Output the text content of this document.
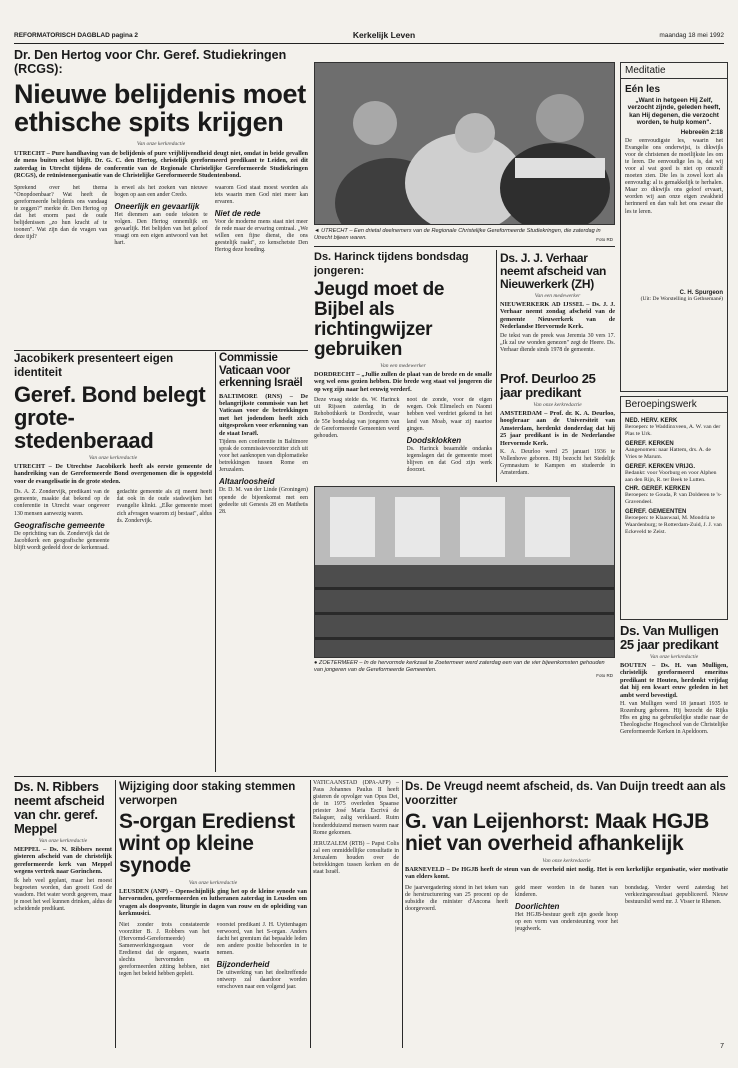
REFORMATORISCH DAGBLAD pagina 2	Kerkelijk Leven	maandag 18 mei 1992
Dr. Den Hertog voor Chr. Geref. Studiekringen (RCGS):
Nieuwe belijdenis moet ethische spits krijgen
Van onze kerkredactie
UTRECHT – Pure handhaving van de belijdenis of pure vrijblijvendheid deugt niet, omdat in beide gevallen de mens buiten schot blijft. Dr. G. C. den Hertog, christelijk gereformeerd predikant te Leiden, zei dit zaterdag in Utrecht tijdens de conferentie van de Regionale Christelijke Gereformeerde Studiekringen (RCGS), de reünistenorganisatie van de Christelijke Gereformeerde Studentenbond.
Sprekend over het thema "Onopdoenbaar? Wat heeft de gereformeerde belijdenis ons vandaag te zeggen?" merkte dr. Den Hertog op dat het enorm past de oude belijdenissen „zo hun kracht af te toonen". Wat zijn dan de vragen van deze tijd?
is erwel als het zoeken van nieuwe bogen op aan een ander Credo.
Oneerlijk en gevaarlijk
Het dienmen aan oude teksten te volgen. Den Hertog onnemlijk en gevaarlijk. Het belijden van het geloof vraagt om een eigen antwoord van het hart.
waarom God staat moest worden als iets waarin men God niet meer kan ervaren.
Niet de rede
Voor de moderne mens staat niet meer de rede maar de ervaring centraal. „We willen een fijne dienst, die ons geestelijk raakt", zo kenschetste Den Hertog deze houding.
◄ UTRECHT – Een drietal deelnemers van de Regionale Christelijke Gereformeerde Studiekringen, die zaterdag in Utrecht bijeen waren.	Foto RD
Ds. Harinck tijdens bondsdag jongeren:
Jeugd moet de Bijbel als richtingwijzer gebruiken
Van een medewerker
DORDRECHT – „Jullie zullen de plaat van de brede en de smalle weg wel eens gezien hebben. Die brede weg staat vol jongeren die op weg zijn naar het eeuwig verderf.
Deze vraag stelde ds. W. Harinck uit Rijssen zaterdag in de Rehobothkerk te Dordrecht, waar de 55e bondsdag van jongeren van de Gereformeerde Gemeenten werd gehouden.
noot de zonde, voor de eigen wegen. Ook Elimelech en Naomi hebben veel verdriet gekend in het land van Moab, waar zij naartoe gingen.
Doodsklokken
Ds. Harinck beaamdde ondanks tegenslagen dat de gemeente moet blijven en dat God zijn werk doorzet.
Ds. J. J. Verhaar neemt afscheid van Nieuwerkerk (ZH)
Van een medewerker
NIEUWERKERK AD IJSSEL – Ds. J. J. Verhaar neemt zondag afscheid van de gemeente Nieuwerkerk van de Nederlandse Hervormde Kerk.
De tekst van de preek was Jeremia 30 vers 17. „Ik zal uw wonden genezen" zegt de Heere. Ds. Verhaar diende sinds 1978 de gemeente.
Prof. Deurloo 25 jaar predikant
Van onze kerkredactie
AMSTERDAM – Prof. dr. K. A. Deurloo, hoogleraar aan de Universiteit van Amsterdam, herdenkt donderdag dat hij 25 jaar predikant is in de Nederlandse Hervormde Kerk.
K. A. Deurloo werd 25 januari 1936 te Vollenhove geboren. Hij bezocht het Stedelijk Gymnasium te Kampen en studeerde in Amsterdam.
Jacobikerk presenteert eigen identiteit
Geref. Bond belegt grote-stedenberaad
Van onze kerkredactie
UTRECHT – De Utrechtse Jacobikerk heeft als eerste gemeente de handreiking van de Gereformeerde Bond overgenomen die is opgesteld voor de evangelisatie in de grote steden.
Ds. A. Z. Zondervijk, predikant van de gemeente, maakte dat bekend op de conferentie in Utrecht waar ongeveer 130 mensen aanwezig waren.
Geografische gemeente
De oprichting van ds. Zondervijk dat de Jacobikerk een geografische gemeente blijft wordt gedeeld door de kerkenraad.
gedachte gemeente als zij meent heeft dat ook in de oude stadswijken het evangelie klinkt. „Elke gemeente moet zich afvragen waarom zij bestaat", aldus ds. Zondervijk.
Commissie Vaticaan voor erkenning Israël
BALTIMORE (RNS) – De belangrijkste commissie van het Vaticaan voor de betrekkingen met het jodendom heeft zich uitgesproken voor erkenning van de staat Israël.
Tijdens een conferentie in Baltimore sprak de commissievoorzitter zich uit voor het aanknopen van diplomatieke betrekkingen tussen Rome en Jeruzalem.
Altaarloosheid
Dr. D. M. van der Linde (Groningen) opende de bijeenkomst met een gedeelte uit Genesis 28 en Mattheüs 28.
● ZOETERMEER – In de hervormde kerkzaal te Zoetermeer werd zaterdag een van de vier bijeenkomsten gehouden van jongeren van de Gereformeerde Gemeenten.
Foto RD
Meditatie
Eén les
„Want in hetgeen Hij Zelf, verzocht zijnde, geleden heeft, kan Hij degenen, die verzocht worden, te hulp komen".
Hebreeën 2:18
De eenvoudigste les, waarin het Evangelie ons onderwijst, is dikwijls voor de christenen de moeilijkste les om te leren. De eenvoudige les is, dat wij voor al wat goed is niet op onszelf moeten zien. Die les is zowel kort als eenvoudig: al is gemakkelijk te herhalen. Maar zo dikwijls ons geloof ervaart, worden wij aan onze eigen zwakheid herinnerd en dan valt het ons zwaar die les te leren.
C. H. Spurgeon
(Uit: De Worstelling in Gethsemané)
Beroepingswerk
NED. HERV. KERK
Beroepen: te Waddinxveen, A. W. van der Plas te Urk.
GEREF. KERKEN
Aangenomen: naar Hattem, drs. A. de Vries te Marum.
GEREF. KERKEN VRIJG.
Bedankt: voor Voorburg en voor Alphen aan den Rijn, R. ter Beek te Lutten.
CHR. GEREF. KERKEN
Beroepen: te Gouda, P. van Dolderen te 's-Gravendeel.
GEREF. GEMEENTEN
Beroepen: te Klaaswaal, M. Mondria te Waardenburg; te Rotterdam-Zuid, J. J. van Eckeveld te Zeist.
Ds. Van Mulligen 25 jaar predikant
Van onze kerkredactie
BOUTEN – Ds. H. van Mulligen, christelijk gereformeerd emeritus predikant te Houten, herdenkt vrijdag dat hij een kwart eeuw geleden in het ambt werd bevestigd.
H. van Mulligen werd 18 januari 1935 te Rozenburg geboren. Hij bezocht de Rijks Hbs en ging na gebruikelijke studie naar de Theologische Hogeschool van de Christelijke Gereformeerde Kerken in Apeldoorn.
Ds. N. Ribbers neemt afscheid van chr. geref. Meppel
Van onze kerkredactie
MEPPEL – Ds. N. Ribbers neemt gisteren afscheid van de christelijk gereformeerde kerk van Meppel wegens vertrek naar Gorinchem.
Ik heb veel geplant, maar het moest begroeten worden, dan groeit God de wasdom. Het water wordt gegeven, maar je moet het wel kunnen drinken, aldus de scheidende predikant.
Wijziging door staking stemmen verworpen
S-organ Eredienst wint op kleine synode
Van onze kerkredactie
LEUSDEN (ANP) – Openschijnlijk ging het op de kleine synode van hervormden, gereformeerden en lutheranen zaterdag in Leusden om vragen als doopvonte, liturgie in dagen van rouw en de opleiding van kerkmusici.
Niet zonder trots constateerde voorzitter B. J. Robbers van het (Hervormd-Gereformeerde) Samenwerkingsorgaan voor de Eredienst dat de organen, waarin slechts hervormden en gereformeerden zitting hebben, niet tegen het beleid hebben gepleit.
voorstel predikant J. H. Uyttenhagen verwoord, van het S-organ. Anders dacht het gremium dat bepaalde leden een andere positie behoorden in te nemen.
Bijzonderheid
De uitwerking van het doeltreffende ontwerp zal daardoor worden verschoven naar een volgend jaar.
VATICAANSTAD (DPA-AFP) – Paus Johannes Paulus II heeft gisteren de opvolger van Opus Dei, de in 1975 overleden Spaanse priester José Maria Escrivá de Balaguer, zalig verklaard. Ruim honderdduizend mensen waren naar Rome gekomen.
JERUZALEM (RTB) – Papst Colis zal een onmiddellijke consultatie in Jeruzalem houden over de betrekkingen tussen kerken en de staat Israël.
Ds. De Vreugd neemt afscheid, ds. Van Duijn treedt aan als voorzitter
G. van Leijenhorst: Maak HGJB niet van overheid afhankelijk
Van onze kerkredactie
BARNEVELD – De HGJB heeft de steun van de overheid niet nodig. Het is een kerkelijke organisatie, wier motivatie van elders komt.
De jaarvergadering stond in het teken van de herstructurering van 25 procent op de subsidie die minister d'Ancona heeft doorgevoerd.
geld meer worden in de banen van kinderen.
Doorlichten
Het HGJB-bestuur geeft zijn goede hoop op een vorm van ondersteuning voor het jeugdwerk.
bondsdag. Verder werd zaterdag het verkiezingsresultaat gepubliceerd. Nieuw bestuurslid werd mr. J. Visser te Rhenen.
7
